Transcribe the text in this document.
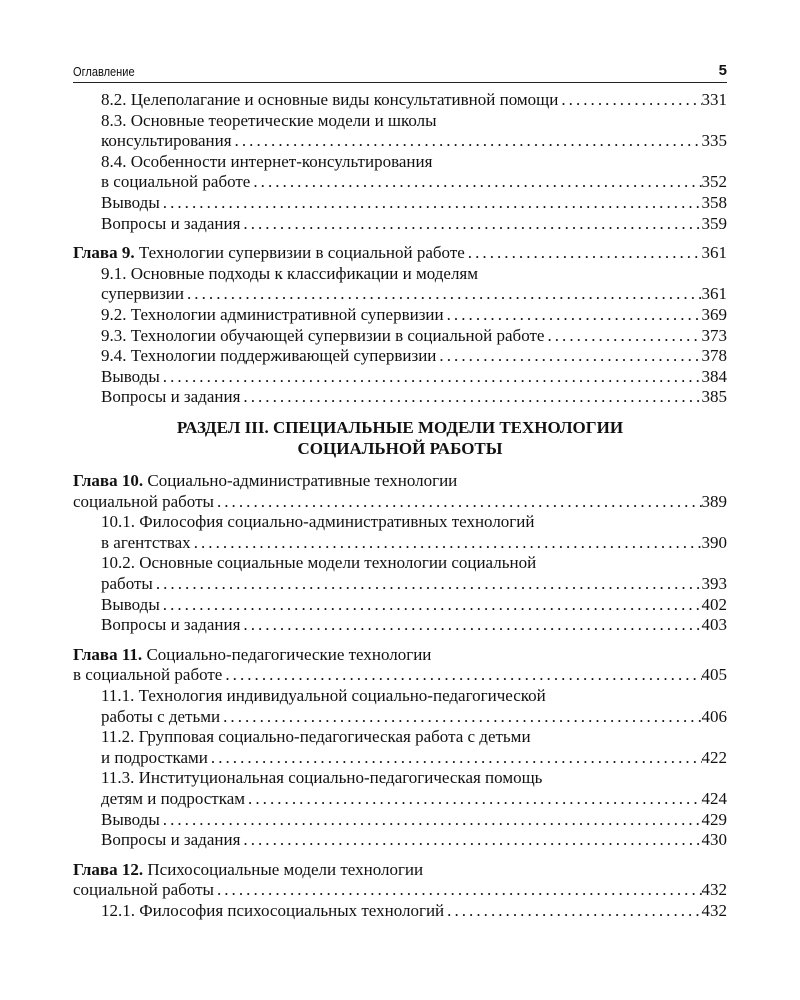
Оглавление	5
8.2. Целеполагание и основные виды консультативной помощи . . .	331
8.3. Основные теоретические модели и школы
консультирования . . .	335
8.4. Особенности интернет-консультирования
в социальной работе . . .	352
Выводы . . .	358
Вопросы и задания . . .	359
Глава 9. Технологии супервизии в социальной работе . . .	361
9.1. Основные подходы к классификации и моделям
супервизии . . .	361
9.2. Технологии административной супервизии . . .	369
9.3. Технологии обучающей супервизии в социальной работе . . .	373
9.4. Технологии поддерживающей супервизии . . .	378
Выводы . . .	384
Вопросы и задания . . .	385
РАЗДЕЛ III. СПЕЦИАЛЬНЫЕ МОДЕЛИ ТЕХНОЛОГИИ
СОЦИАЛЬНОЙ РАБОТЫ
Глава 10. Социально-административные технологии
социальной работы . . .	389
10.1. Философия социально-административных технологий
в агентствах . . .	390
10.2. Основные социальные модели технологии социальной
работы . . .	393
Выводы . . .	402
Вопросы и задания . . .	403
Глава 11. Социально-педагогические технологии
в социальной работе . . .	405
11.1. Технология индивидуальной социально-педагогической
работы с детьми . . .	406
11.2. Групповая социально-педагогическая работа с детьми
и подростками . . .	422
11.3. Институциональная социально-педагогическая помощь
детям и подросткам . . .	424
Выводы . . .	429
Вопросы и задания . . .	430
Глава 12. Психосоциальные модели технологии
социальной работы . . .	432
12.1. Философия психосоциальных технологий . . .	432
